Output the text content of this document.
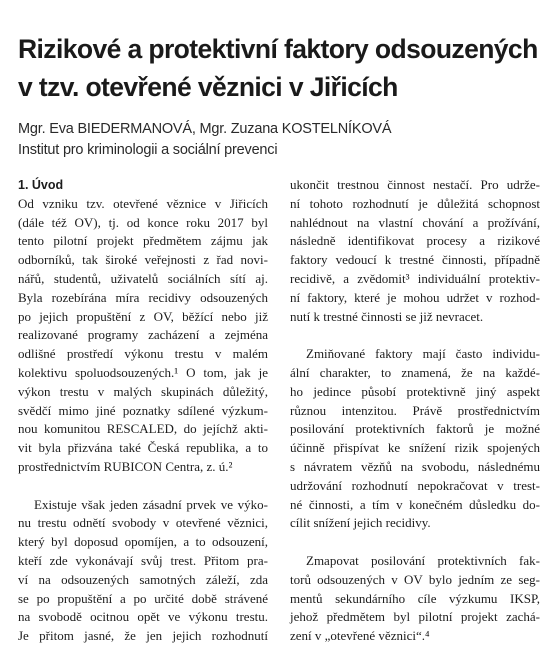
Rizikové a protektivní faktory odsouzených
v tzv. otevřené věznici v Jiřicích
Mgr. Eva BIEDERMANOVÁ, Mgr. Zuzana KOSTELNÍKOVÁ
Institut pro kriminologii a sociální prevenci
1. Úvod
Od vzniku tzv. otevřené věznice v Jiřicích
(dále též OV), tj. od konce roku 2017 byl
tento pilotní projekt předmětem zájmu jak
odborníků, tak široké veřejnosti z řad novi-
nářů, studentů, uživatelů sociálních sítí aj.
Byla rozebírána míra recidivy odsouzených
po jejich propuštění z OV, běžící nebo již
realizované programy zacházení a zejména
odlišné prostředí výkonu trestu v malém
kolektivu spoluodsouzených.¹ O tom, jak je
výkon trestu v malých skupinách důležitý,
svědčí mimo jiné poznatky sdílené výzkum-
nou komunitou RESCALED, do jejíchž akti-
vit byla přizvána také Česká republika, a to
prostřednictvím RUBICON Centra, z. ú.²
Existuje však jeden zásadní prvek ve výko-
nu trestu odnětí svobody v otevřené věznici,
který byl doposud opomíjen, a to odsouzení,
kteří zde vykonávají svůj trest. Přitom pra-
ví na odsouzených samotných záleží, zda
se po propuštění a po určité době strávené
na svobodě ocitnou opět ve výkonu trestu.
Je přitom jasné, že jen jejich rozhodnutí
ukončit trestnou činnost nestačí. Pro udrže-
ní tohoto rozhodnutí je důležitá schopnost
nahlédnout na vlastní chování a prožívání,
následně identifikovat procesy a rizikové
faktory vedoucí k trestné činnosti, případně
recidivě, a zvědomit³ individuální protektiv-
ní faktory, které je mohou udržet v rozhod-
nutí k trestné činnosti se již nevracet.
Zmiňované faktory mají často individu-
ální charakter, to znamená, že na každé-
ho jedince působí protektivně jiný aspekt
různou intenzitou. Právě prostřednictvím
posilování protektivních faktorů je možné
účinně přispívat ke snížení rizik spojených
s návratem vězňů na svobodu, následnému
udržování rozhodnutí nepokračovat v trest-
né činnosti, a tím v konečném důsledku do-
cílit snížení jejich recidivy.
Zmapovat posilování protektivních fak-
torů odsouzených v OV bylo jedním ze seg-
mentů sekundárního cíle výzkumu IKSP,
jehož předmětem byl pilotní projekt zachá-
zení v „otevřené věznici“.⁴
